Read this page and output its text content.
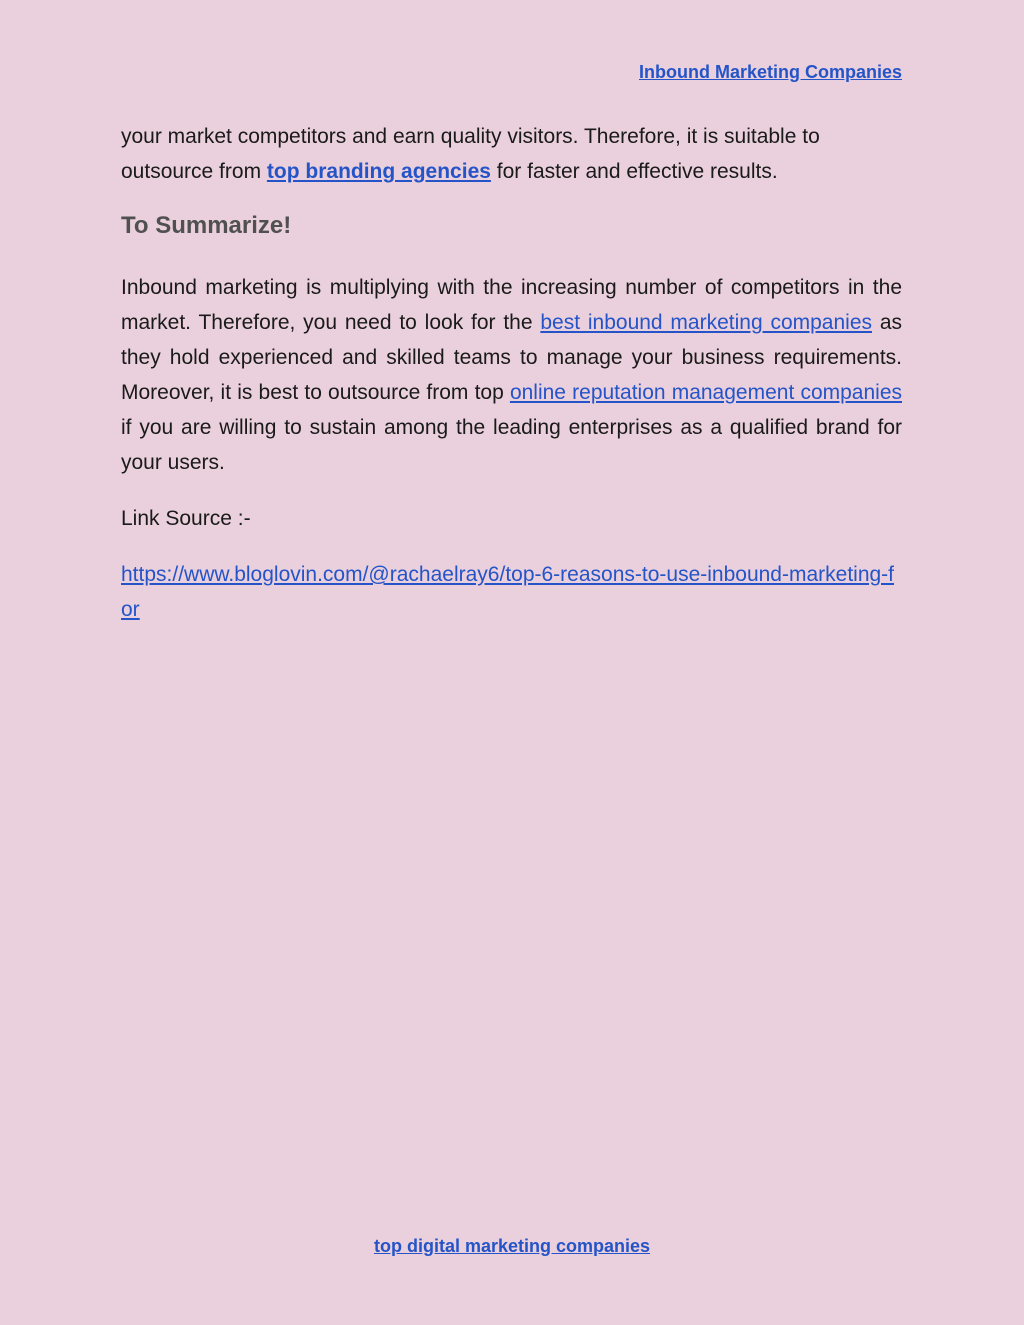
Inbound Marketing Companies

your market competitors and earn quality visitors. Therefore, it is suitable to outsource from top branding agencies for faster and effective results.

To Summarize!

Inbound marketing is multiplying with the increasing number of competitors in the market. Therefore, you need to look for the best inbound marketing companies as they hold experienced and skilled teams to manage your business requirements. Moreover, it is best to outsource from top online reputation management companies if you are willing to sustain among the leading enterprises as a qualified brand for your users.

Link Source :-

https://www.bloglovin.com/@rachaelray6/top-6-reasons-to-use-inbound-marketing-for

top digital marketing companies
